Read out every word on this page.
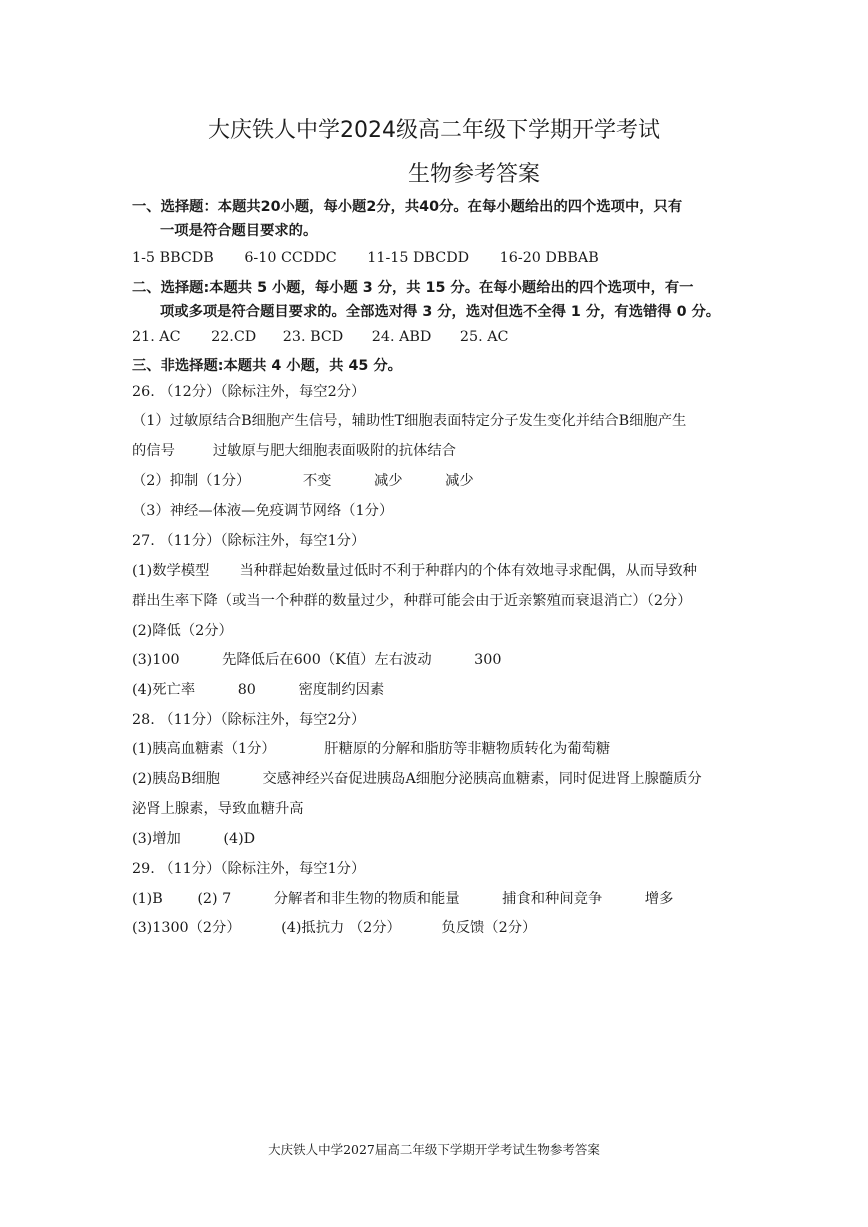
大庆铁人中学2024级高二年级下学期开学考试
生物参考答案
一、选择题：本题共20小题，每小题2分，共40分。在每小题给出的四个选项中，只有
一项是符合题目要求的。
1-5 BBCDB 6-10 CCDDC 11-15 DBCDD 16-20 DBBAB
二、选择题:本题共 5 小题，每小题 3 分，共 15 分。在每小题给出的四个选项中，有一
项或多项是符合题目要求的。全部选对得 3 分，选对但选不全得 1 分，有选错得 0 分。
21. AC 22.CD 23. BCD 24. ABD 25. AC
三、非选择题:本题共 4 小题，共 45 分。
26. （12分）（除标注外，每空2分）
（1）过敏原结合B细胞产生信号，辅助性T细胞表面特定分子发生变化并结合B细胞产生
的信号	过敏原与肥大细胞表面吸附的抗体结合
（2）抑制（1分）	不变	减少	减少
（3）神经—体液—免疫调节网络（1分）
27. （11分）（除标注外，每空1分）
(1)数学模型 当种群起始数量过低时不利于种群内的个体有效地寻求配偶，从而导致种
群出生率下降（或当一个种群的数量过少，种群可能会由于近亲繁殖而衰退消亡）（2分）
(2)降低（2分）
(3)100	先降低后在600（K值）左右波动	300
(4)死亡率	80	密度制约因素
28. （11分）（除标注外，每空2分）
(1)胰高血糖素（1分）	肝糖原的分解和脂肪等非糖物质转化为葡萄糖
(2)胰岛B细胞	交感神经兴奋促进胰岛A细胞分泌胰高血糖素，同时促进肾上腺髓质分
泌肾上腺素，导致血糖升高
(3)增加	(4)D
29. （11分）（除标注外，每空1分）
(1)B (2) 7	分解者和非生物的物质和能量	捕食和种间竞争	增多
(3)1300（2分）	(4)抵抗力 （2分）	负反馈（2分）
大庆铁人中学2027届高二年级下学期开学考试生物参考答案
